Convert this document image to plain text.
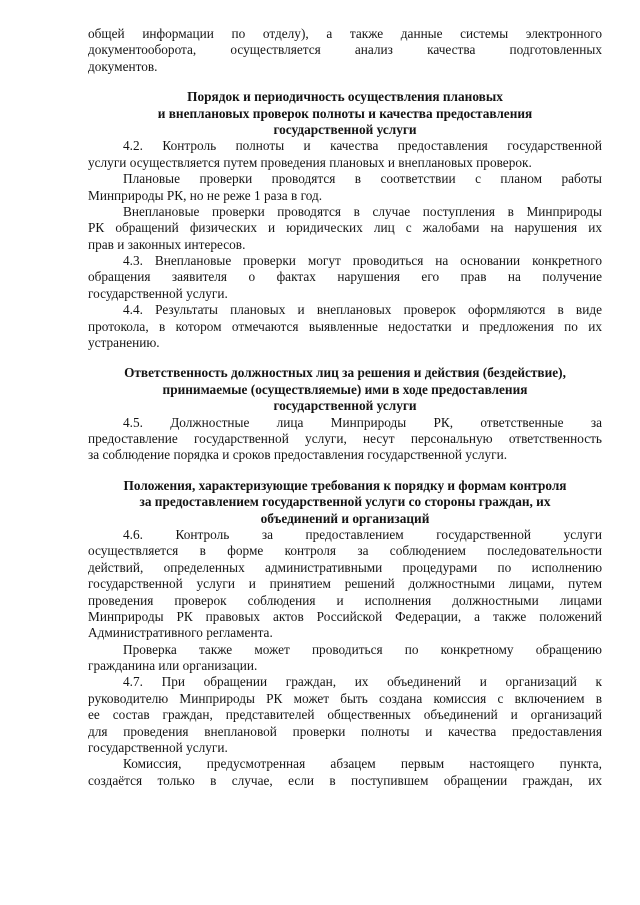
общей информации по отделу), а также данные системы электронного
документооборота, осуществляется анализ качества подготовленных
документов.
Порядок и периодичность осуществления плановых
и внеплановых проверок полноты и качества предоставления
государственной услуги
4.2. Контроль полноты и качества предоставления государственной
услуги осуществляется путем проведения плановых и внеплановых проверок.
Плановые проверки проводятся в соответствии с планом работы
Минприроды РК, но не реже 1 раза в год.
Внеплановые проверки проводятся в случае поступления в Минприроды
РК обращений физических и юридических лиц с жалобами на нарушения их
прав и законных интересов.
4.3. Внеплановые проверки могут проводиться на основании конкретного
обращения заявителя о фактах нарушения его прав на получение
государственной услуги.
4.4. Результаты плановых и внеплановых проверок оформляются в виде
протокола, в котором отмечаются выявленные недостатки и предложения по их
устранению.
Ответственность должностных лиц за решения и действия (бездействие),
принимаемые (осуществляемые) ими в ходе предоставления
государственной услуги
4.5. Должностные лица Минприроды РК, ответственные за
предоставление государственной услуги, несут персональную ответственность
за соблюдение порядка и сроков предоставления государственной услуги.
Положения, характеризующие требования к порядку и формам контроля
за предоставлением государственной услуги со стороны граждан, их
объединений и организаций
4.6. Контроль за предоставлением государственной услуги
осуществляется в форме контроля за соблюдением последовательности
действий, определенных административными процедурами по исполнению
государственной услуги и принятием решений должностными лицами, путем
проведения проверок соблюдения и исполнения должностными лицами
Минприроды РК правовых актов Российской Федерации, а также положений
Административного регламента.
Проверка также может проводиться по конкретному обращению
гражданина или организации.
4.7. При обращении граждан, их объединений и организаций к
руководителю Минприроды РК может быть создана комиссия с включением в
ее состав граждан, представителей общественных объединений и организаций
для проведения внеплановой проверки полноты и качества предоставления
государственной услуги.
Комиссия, предусмотренная абзацем первым настоящего пункта,
создаётся только в случае, если в поступившем обращении граждан, их
